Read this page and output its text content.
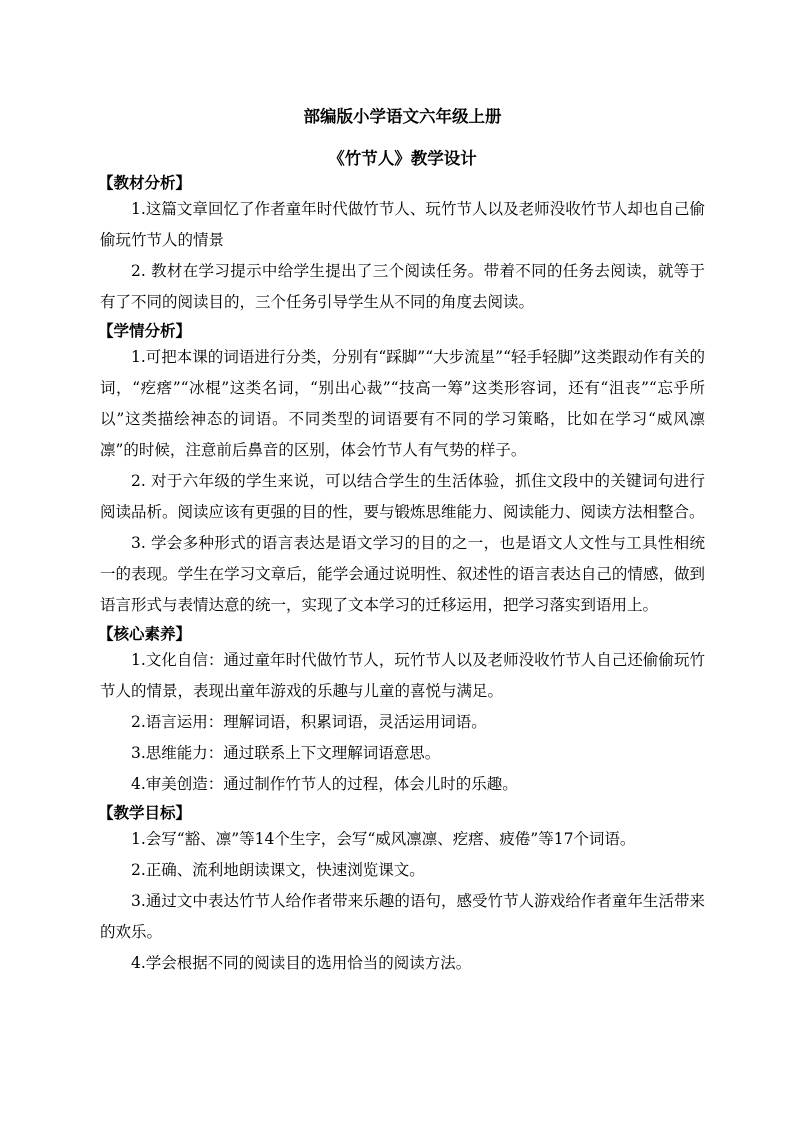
部编版小学语文六年级上册
《竹节人》教学设计
【教材分析】

1.这篇文章回忆了作者童年时代做竹节人、玩竹节人以及老师没收竹节人却也自己偷偷玩竹节人的情景

2. 教材在学习提示中给学生提出了三个阅读任务。带着不同的任务去阅读，就等于有了不同的阅读目的，三个任务引导学生从不同的角度去阅读。

【学情分析】

1.可把本课的词语进行分类，分别有“踩脚”“大步流星”“轻手轻脚”这类跟动作有关的词，“疙瘩”“冰棍”这类名词，“别出心裁”“技高一筹”这类形容词，还有“沮丧”“忘乎所以”这类描绘神态的词语。不同类型的词语要有不同的学习策略，比如在学习“威风凛凛”的时候，注意前后鼻音的区别，体会竹节人有气势的样子。

2. 对于六年级的学生来说，可以结合学生的生活体验，抓住文段中的关键词句进行阅读品析。阅读应该有更强的目的性，要与锻炼思维能力、阅读能力、阅读方法相整合。

3. 学会多种形式的语言表达是语文学习的目的之一，也是语文人文性与工具性相统一的表现。学生在学习文章后，能学会通过说明性、叙述性的语言表达自己的情感，做到语言形式与表情达意的统一，实现了文本学习的迁移运用，把学习落实到语用上。

【核心素养】

1.文化自信：通过童年时代做竹节人，玩竹节人以及老师没收竹节人自己还偷偷玩竹节人的情景，表现出童年游戏的乐趣与儿童的喜悦与满足。

2.语言运用：理解词语，积累词语，灵活运用词语。

3.思维能力：通过联系上下文理解词语意思。

4.审美创造：通过制作竹节人的过程，体会儿时的乐趣。

【教学目标】

1.会写“豁、凛”等14个生字，会写“威风凛凛、疙瘩、疲倦”等17个词语。

2.正确、流利地朗读课文，快速浏览课文。

3.通过文中表达竹节人给作者带来乐趣的语句，感受竹节人游戏给作者童年生活带来的欢乐。

4.学会根据不同的阅读目的选用恰当的阅读方法。
